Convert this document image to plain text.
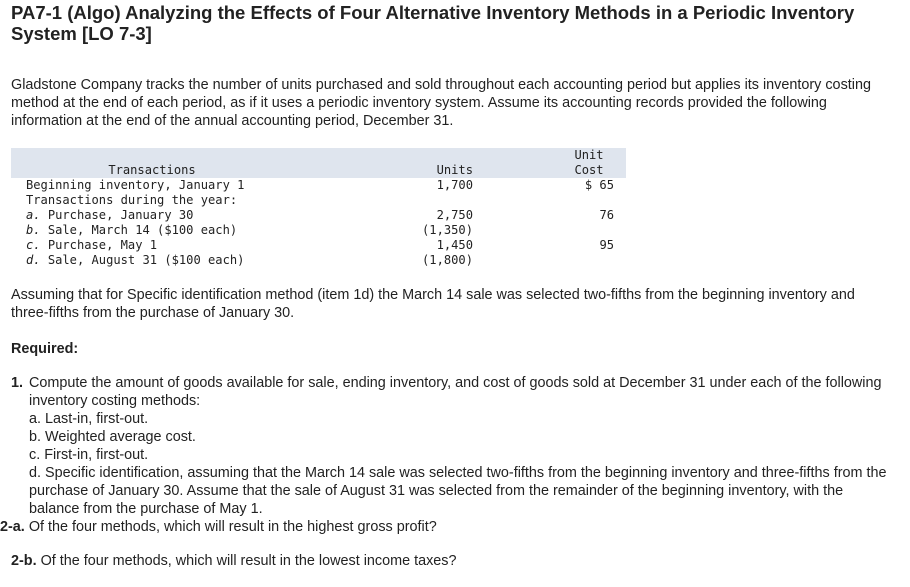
PA7-1 (Algo) Analyzing the Effects of Four Alternative Inventory Methods in a Periodic Inventory System [LO 7-3]

Gladstone Company tracks the number of units purchased and sold throughout each accounting period but applies its inventory costing method at the end of each period, as if it uses a periodic inventory system. Assume its accounting records provided the following information at the end of the annual accounting period, December 31.

		Unit
Transactions	Units	Cost
Beginning inventory, January 1	1,700	$ 65
Transactions during the year:		
a. Purchase, January 30	2,750	76
b. Sale, March 14 ($100 each)	(1,350)	
c. Purchase, May 1	1,450	95
d. Sale, August 31 ($100 each)	(1,800)	

Assuming that for Specific identification method (item 1d) the March 14 sale was selected two-fifths from the beginning inventory and three-fifths from the purchase of January 30.

Required:

1. Compute the amount of goods available for sale, ending inventory, and cost of goods sold at December 31 under each of the following inventory costing methods:
a. Last-in, first-out.
b. Weighted average cost.
c. First-in, first-out.
d. Specific identification, assuming that the March 14 sale was selected two-fifths from the beginning inventory and three-fifths from the purchase of January 30. Assume that the sale of August 31 was selected from the remainder of the beginning inventory, with the balance from the purchase of May 1.
2-a. Of the four methods, which will result in the highest gross profit?
2-b. Of the four methods, which will result in the lowest income taxes?
